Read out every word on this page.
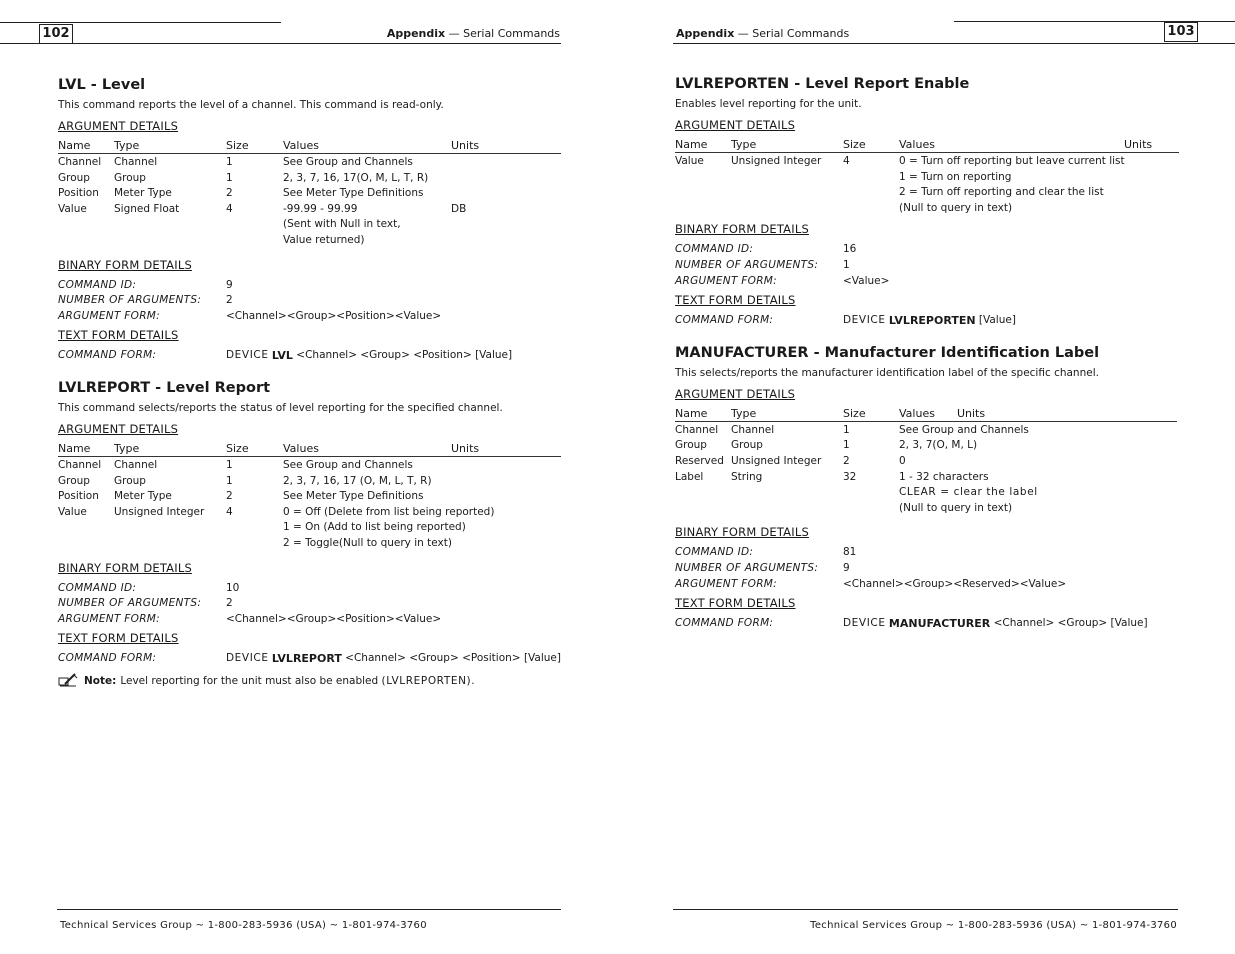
102	Appendix — Serial Commands
LVL - Level
This command reports the level of a channel. This command is read-only.
ARGUMENT DETAILS
Name	Type	Size	Values	Units
Channel	Channel	1	See Group and Channels	
Group	Group	1	2, 3, 7, 16, 17(O, M, L, T, R)	
Position	Meter Type	2	See Meter Type Definitions	
Value	Signed Float	4	-99.99 - 99.99	DB
			(Sent with Null in text,	
			Value returned)	
BINARY FORM DETAILS
COMMAND ID:	9
NUMBER OF ARGUMENTS:	2
ARGUMENT FORM:	<Channel><Group><Position><Value>
TEXT FORM DETAILS
COMMAND FORM:	DEVICE
LVL
<Channel> <Group> <Position>
[Value]
LVLREPORT - Level Report
This command selects/reports the status of level reporting for the specified channel.
ARGUMENT DETAILS
Name	Type	Size	Values	Units
Channel	Channel	1	See Group and Channels	
Group	Group	1	2, 3, 7, 16, 17 (O, M, L, T, R)	
Position	Meter Type	2	See Meter Type Definitions	
Value	Unsigned Integer	4	0 = Off (Delete from list being reported)	
			1 = On (Add to list being reported)	
			2 = Toggle(Null to query in text)	
BINARY FORM DETAILS
COMMAND ID:	10
NUMBER OF ARGUMENTS:	2
ARGUMENT FORM:	<Channel><Group><Position><Value>
TEXT FORM DETAILS
COMMAND FORM:	DEVICE
LVLREPORT
<Channel> <Group> <Position>
[Value]
Note: Level reporting for the unit must also be enabled
(LVLREPORTEN).
Technical Services Group ~ 1-800-283-5936 (USA) ~ 1-801-974-3760
103
Appendix — Serial Commands
LVLREPORTEN - Level Report Enable
Enables level reporting for the unit.
ARGUMENT DETAILS
Name	Type	Size	Values	Units
Value	Unsigned Integer	4	0 = Turn off reporting but leave current list	
			1 = Turn on reporting	
			2 = Turn off reporting and clear the list	
			(Null to query in text)	
BINARY FORM DETAILS
COMMAND ID:	16
NUMBER OF ARGUMENTS:	1
ARGUMENT FORM:	<Value>
TEXT FORM DETAILS
COMMAND FORM:	DEVICE
LVLREPORTEN
[Value]
MANUFACTURER - Manufacturer Identification Label
This selects/reports the manufacturer identification label of the specific channel.
ARGUMENT DETAILS
Name	Type	Size	Values Units
Channel	Channel	1	See Group and Channels
Group	Group	1	2, 3, 7(O, M, L)
Reserved	Unsigned Integer	2	0
Label	String	32	1 - 32 characters
			CLEAR = clear the label
			(Null to query in text)
BINARY FORM DETAILS
COMMAND ID:	81
NUMBER OF ARGUMENTS:	9
ARGUMENT FORM:	<Channel><Group><Reserved><Value>
TEXT FORM DETAILS
COMMAND FORM:	DEVICE
MANUFACTURER
<Channel> <Group>
[Value]
Technical Services Group ~ 1-800-283-5936 (USA) ~ 1-801-974-3760
